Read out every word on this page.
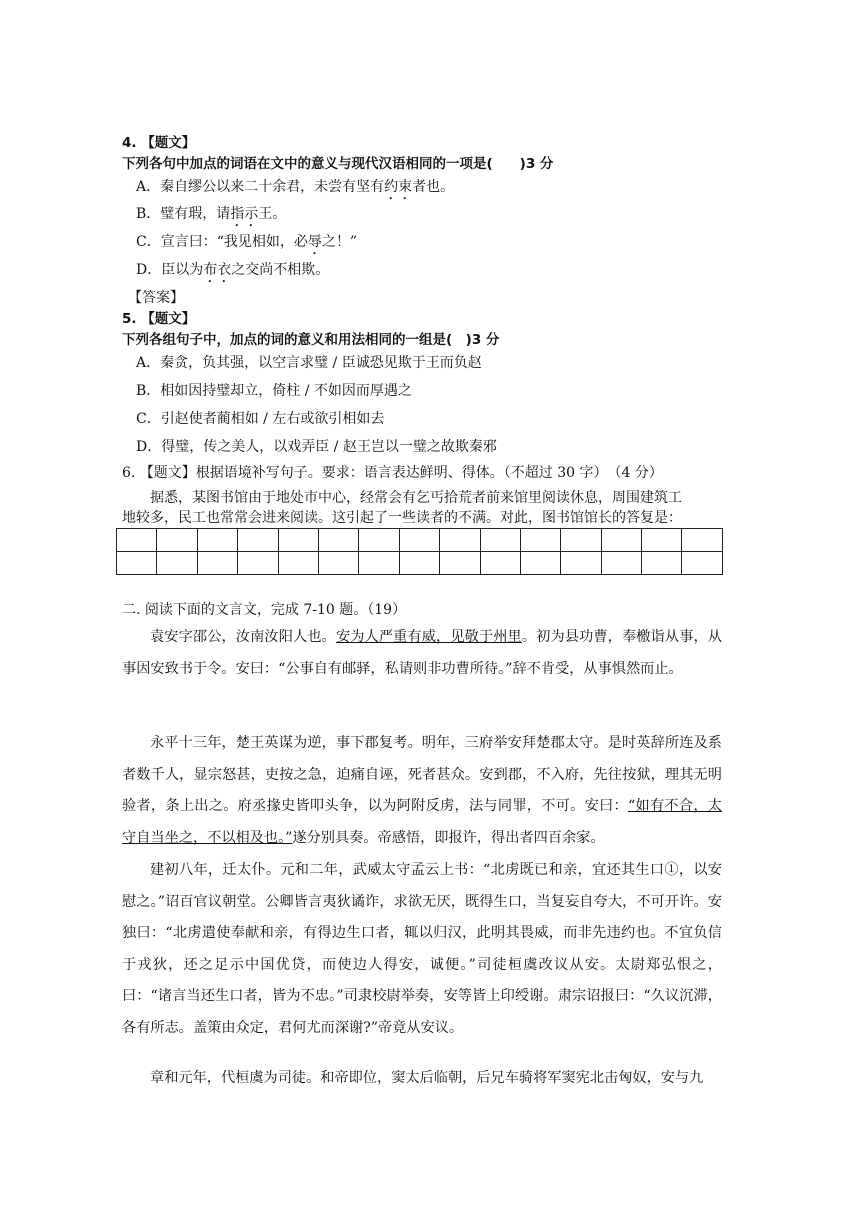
4. 【题文】
下列各句中加点的词语在文中的意义与现代汉语相同的一项是(　　)3 分
A．秦自缪公以来二十余君，未尝有坚有约束者也。
B．璧有瑕，请指示王。
C．宣言曰：“我见相如，必辱之！”
D．臣以为布衣之交尚不相欺。
【答案】
5. 【题文】
下列各组句子中，加点的词的意义和用法相同的一组是(　)3 分
A．秦贪，负其强，以空言求璧 / 臣诚恐见欺于王而负赵
B．相如因持璧却立，倚柱 / 不如因而厚遇之
C．引赵使者蔺相如 / 左右或欲引相如去
D．得璧，传之美人，以戏弄臣 / 赵王岂以一璧之故欺秦邪
6. 【题文】根据语境补写句子。要求：语言表达鲜明、得体。（不超过 30 字）　（4 分）
据悉，某图书馆由于地处市中心，经常会有乞丐拾荒者前来馆里阅读休息，周围建筑工
地较多，民工也常常会进来阅读。这引起了一些读者的不满。对此，图书馆馆长的答复是：

二. 阅读下面的文言文，完成 7-10 题。（19）
袁安字邵公，汝南汝阳人也。安为人严重有威，见敬于州里。初为县功曹，奉檄诣从事，从事因安致书于令。安曰：“公事自有邮驿，私请则非功曹所待。”辞不肯受，从事惧然而止。
永平十三年，楚王英谋为逆，事下郡复考。明年，三府举安拜楚郡太守。是时英辞所连及系者数千人，显宗怒甚，吏按之急，迫痛自诬，死者甚众。安到郡，不入府，先往按狱，理其无明验者，条上出之。府丞掾史皆叩头争，以为阿附反虏，法与同罪，不可。安曰：“如有不合，太守自当坐之，不以相及也。”遂分别具奏。帝感悟，即报许，得出者四百余家。
建初八年，迁太仆。元和二年，武威太守孟云上书：“北虏既已和亲，宜还其生口①，以安慰之。”诏百官议朝堂。公卿皆言夷狄谲诈，求欲无厌，既得生口，当复妄自夸大，不可开许。安独曰：“北虏遣使奉献和亲，有得边生口者，辄以归汉，此明其畏威，而非先违约也。不宜负信于戎狄，还之足示中国优贷，而使边人得安，诚便。”司徒桓虞改议从安。太尉郑弘恨之，曰：“诸言当还生口者，皆为不忠。”司隶校尉举奏，安等皆上印绶谢。肃宗诏报曰：“久议沉滞，各有所志。盖策由众定，君何尤而深谢?”帝竟从安议。
章和元年，代桓虞为司徒。和帝即位，窦太后临朝，后兄车骑将军窦宪北击匈奴，安与九
